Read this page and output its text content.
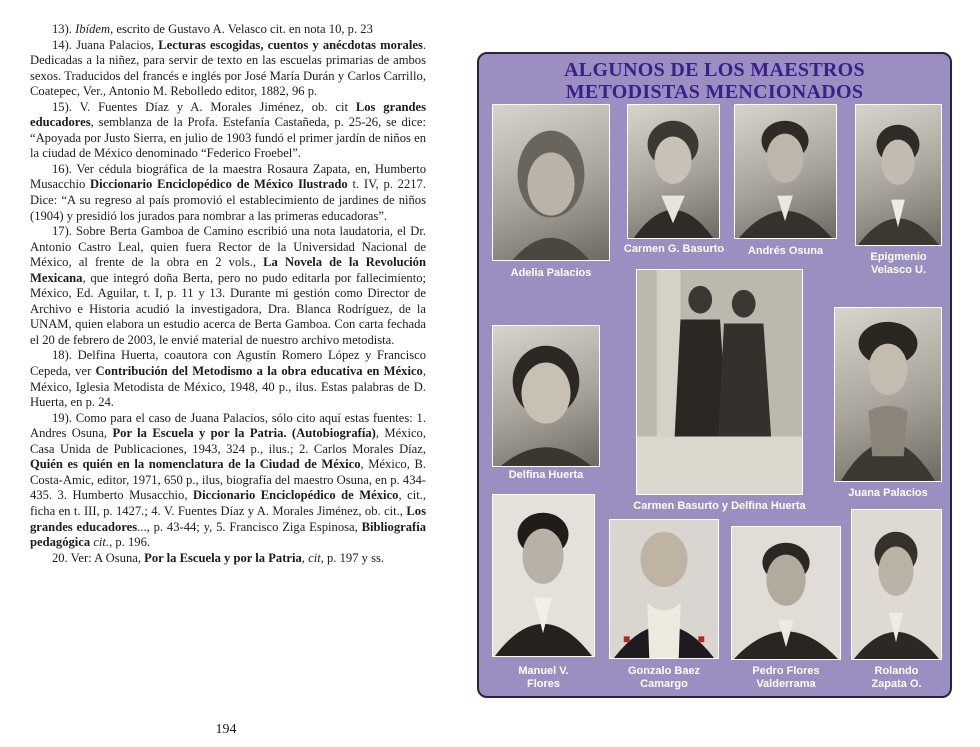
13). Ibídem, escrito de Gustavo A. Velasco cit. en nota 10, p. 23

14). Juana Palacios, Lecturas escogidas, cuentos y anécdotas morales. Dedicadas a la niñez, para servir de texto en las escuelas primarias de ambos sexos. Traducidos del francés e inglés por José María Durán y Carlos Carrillo, Coatepec, Ver., Antonio M. Rebolledo editor, 1882, 96 p.

15). V. Fuentes Díaz y A. Morales Jiménez, ob. cit Los grandes educadores, semblanza de la Profa. Estefanía Castañeda, p. 25-26, se dice: “Apoyada por Justo Sierra, en julio de 1903 fundó el primer jardín de niños en la ciudad de México denominado “Federico Froebel”.

16). Ver cédula biográfica de la maestra Rosaura Zapata, en, Humberto Musacchio Diccionario Enciclopédico de México Ilustrado t. IV, p. 2217. Dice: “A su regreso al país promovió el establecimiento de jardines de niños (1904) y presidió los jurados para nombrar a las primeras educadoras”.

17). Sobre Berta Gamboa de Camino escribió una nota laudatoria, el Dr. Antonio Castro Leal, quien fuera Rector de la Universidad Nacional de México, al frente de la obra en 2 vols., La Novela de la Revolución Mexicana, que integró doña Berta, pero no pudo editarla por fallecimiento; México, Ed. Aguilar, t. I, p. 11 y 13. Durante mi gestión como Director de Archivo e Historia acudió la investigadora, Dra. Blanca Rodríguez, de la UNAM, quien elabora un estudio acerca de Berta Gamboa. Con carta fechada el 20 de febrero de 2003, le envié material de nuestro archivo metodista.

18). Delfina Huerta, coautora con Agustín Romero López y Francisco Cepeda, ver Contribución del Metodismo a la obra educativa en México, México, Iglesia Metodista de México, 1948, 40 p., ilus. Estas palabras de D. Huerta, en p. 24.

19). Como para el caso de Juana Palacios, sólo cito aquí estas fuentes: 1. Andres Osuna, Por la Escuela y por la Patria. (Autobiografía), México, Casa Unida de Publicaciones, 1943, 324 p., ilus.; 2. Carlos Morales Díaz, Quién es quién en la nomenclatura de la Ciudad de México, México, B. Costa-Amic, editor, 1971, 650 p., ilus, biografía del maestro Osuna, en p. 434-435. 3. Humberto Musacchio, Diccionario Enciclopédico de México, cit., ficha en t. III, p. 1427.; 4. V. Fuentes Díaz y A. Morales Jiménez, ob. cit., Los grandes educadores..., p. 43-44; y, 5. Francisco Ziga Espinosa, Bibliografía pedagógica cit., p. 196.

20. Ver: A Osuna, Por la Escuela y por la Patria, cit, p. 197 y ss.

194
ALGUNOS DE LOS MAESTROS
METODISTAS MENCIONADOS
Adelia Palacios
Carmen G. Basurto	Andrés Osuna	Epigmenio
Velasco U.
Delfina Huerta
Carmen Basurto y Delfina Huerta
Juana Palacios
Manuel V.
Flores
Gonzalo Baez
Camargo
Pedro Flores
Valderrama
Rolando
Zapata O.
